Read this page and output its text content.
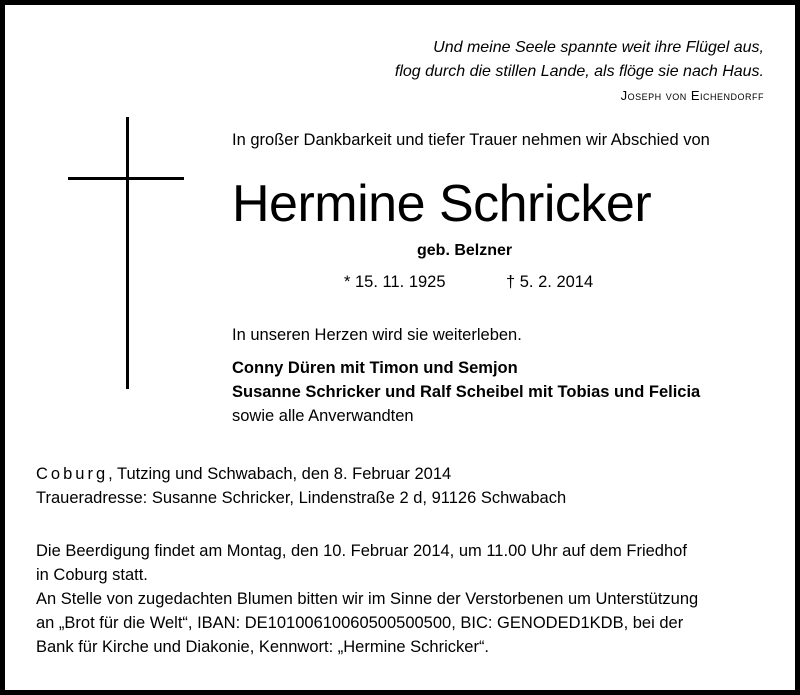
Und meine Seele spannte weit ihre Flügel aus,
flog durch die stillen Lande, als flöge sie nach Haus.
Joseph von Eichendorff
In großer Dankbarkeit und tiefer Trauer nehmen wir Abschied von
Hermine Schricker
geb. Belzner
* 15. 11. 1925	† 5. 2. 2014
In unseren Herzen wird sie weiterleben.
Conny Düren mit Timon und Semjon
Susanne Schricker und Ralf Scheibel mit Tobias und Felicia
sowie alle Anverwandten
Coburg, Tutzing und Schwabach, den 8. Februar 2014
Traueradresse: Susanne Schricker, Lindenstraße 2 d, 91126 Schwabach
Die Beerdigung findet am Montag, den 10. Februar 2014, um 11.00 Uhr auf dem Friedhof
in Coburg statt.
An Stelle von zugedachten Blumen bitten wir im Sinne der Verstorbenen um Unterstützung
an „Brot für die Welt“, IBAN: DE10100610060500500500, BIC: GENODED1KDB, bei der
Bank für Kirche und Diakonie, Kennwort: „Hermine Schricker“.
